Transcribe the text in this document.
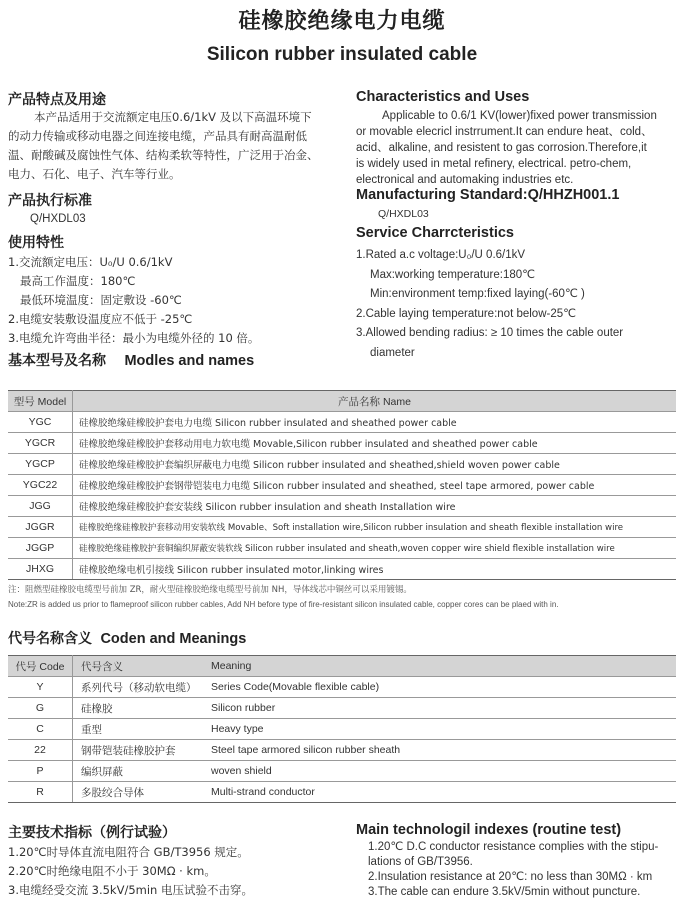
硅橡胶绝缘电力电缆
Silicon rubber insulated cable
产品特点及用途
本产品适用于交流额定电压0.6/1kV 及以下高温环境下
的动力传输或移动电器之间连接电缆，产品具有耐高温耐低
温、耐酸碱及腐蚀性气体、结构柔软等特性，广泛用于冶金、
电力、石化、电子、汽车等行业。
产品执行标准
Q/HXDL03
使用特性
1.交流额定电压：U₀/U 0.6/1kV
最高工作温度：180℃
最低环境温度：固定敷设 -60℃
2.电缆安装敷设温度应不低于 -25℃
3.电缆允许弯曲半径：最小为电缆外径的 10 倍。
Characteristics and Uses
Applicable to 0.6/1 KV(lower)fixed power transmission
or movable elecricl instrrument.It can endure heat、cold、
acid、alkaline, and resistent to gas corrosion.Therefore,it
is widely used in metal refinery, electrical. petro-chem,
electronical and automaking industries etc.
Manufacturing Standard:Q/HHZH001.1
Q/HXDL03
Service Charrcteristics
1.Rated a.c voltage:U₀/U 0.6/1kV
Max:working temperature:180℃
Min:environment temp:fixed laying(-60℃ )
2.Cable laying temperature:not below-25℃
3.Allowed bending radius: ≥ 10 times the cable outer
diameter
基本型号及名称 Modles and names
型号 Model	产品名称 Name
YGC	硅橡胶绝缘硅橡胶护套电力电缆 Silicon rubber insulated and sheathed power cable
YGCR	硅橡胶绝缘硅橡胶护套移动用电力软电缆 Movable,Silicon rubber insulated and sheathed power cable
YGCP	硅橡胶绝缘硅橡胶护套编织屏蔽电力电缆 Silicon rubber insulated and sheathed,shield woven power cable
YGC22	硅橡胶绝缘硅橡胶护套钢带铠装电力电缆 Silicon rubber insulated and sheathed, steel tape armored, power cable
JGG	硅橡胶绝缘硅橡胶护套安装线 Silicon rubber insulation and sheath Installation wire
JGGR	硅橡胶绝缘硅橡胶护套移动用安装软线 Movable、Soft installation wire,Silicon rubber insulation and sheath flexible installation wire
JGGP	硅橡胶绝缘硅橡胶护套铜编织屏蔽安装软线 Silicon rubber insulated and sheath,woven copper wire shield flexible installation wire
JHXG	硅橡胶绝缘电机引接线 Silicon rubber insulated motor,linking wires
注：阻燃型硅橡胶电缆型号前加 ZR，耐火型硅橡胶绝缘电缆型号前加 NH，导体线芯中铜丝可以采用镀锡。
Note:ZR is added us prior to flameproof silicon rubber cables, Add NH before type of fire-resistant silicon insulated cable, copper cores can be plaed with in.
代号名称含义 Coden and Meanings
代号 Code	代号含义	Meaning
Y	系列代号（移动软电缆）	Series Code(Movable flexible cable)
G	硅橡胶	Silicon rubber
C	重型	Heavy type
22	钢带铠装硅橡胶护套	Steel tape armored silicon rubber sheath
P	编织屏蔽	woven shield
R	多股绞合导体	Multi-strand conductor
主要技术指标（例行试验）
1.20℃时导体直流电阻符合 GB/T3956 规定。
2.20℃时绝缘电阻不小于 30MΩ · km。
3.电缆经受交流 3.5kV/5min 电压试验不击穿。
Main technologil indexes (routine test)
1.20℃ D.C conductor resistance complies with the stipu-
lations of GB/T3956.
2.Insulation resistance at 20℃: no less than 30MΩ · km
3.The cable can endure 3.5kV/5min without puncture.
